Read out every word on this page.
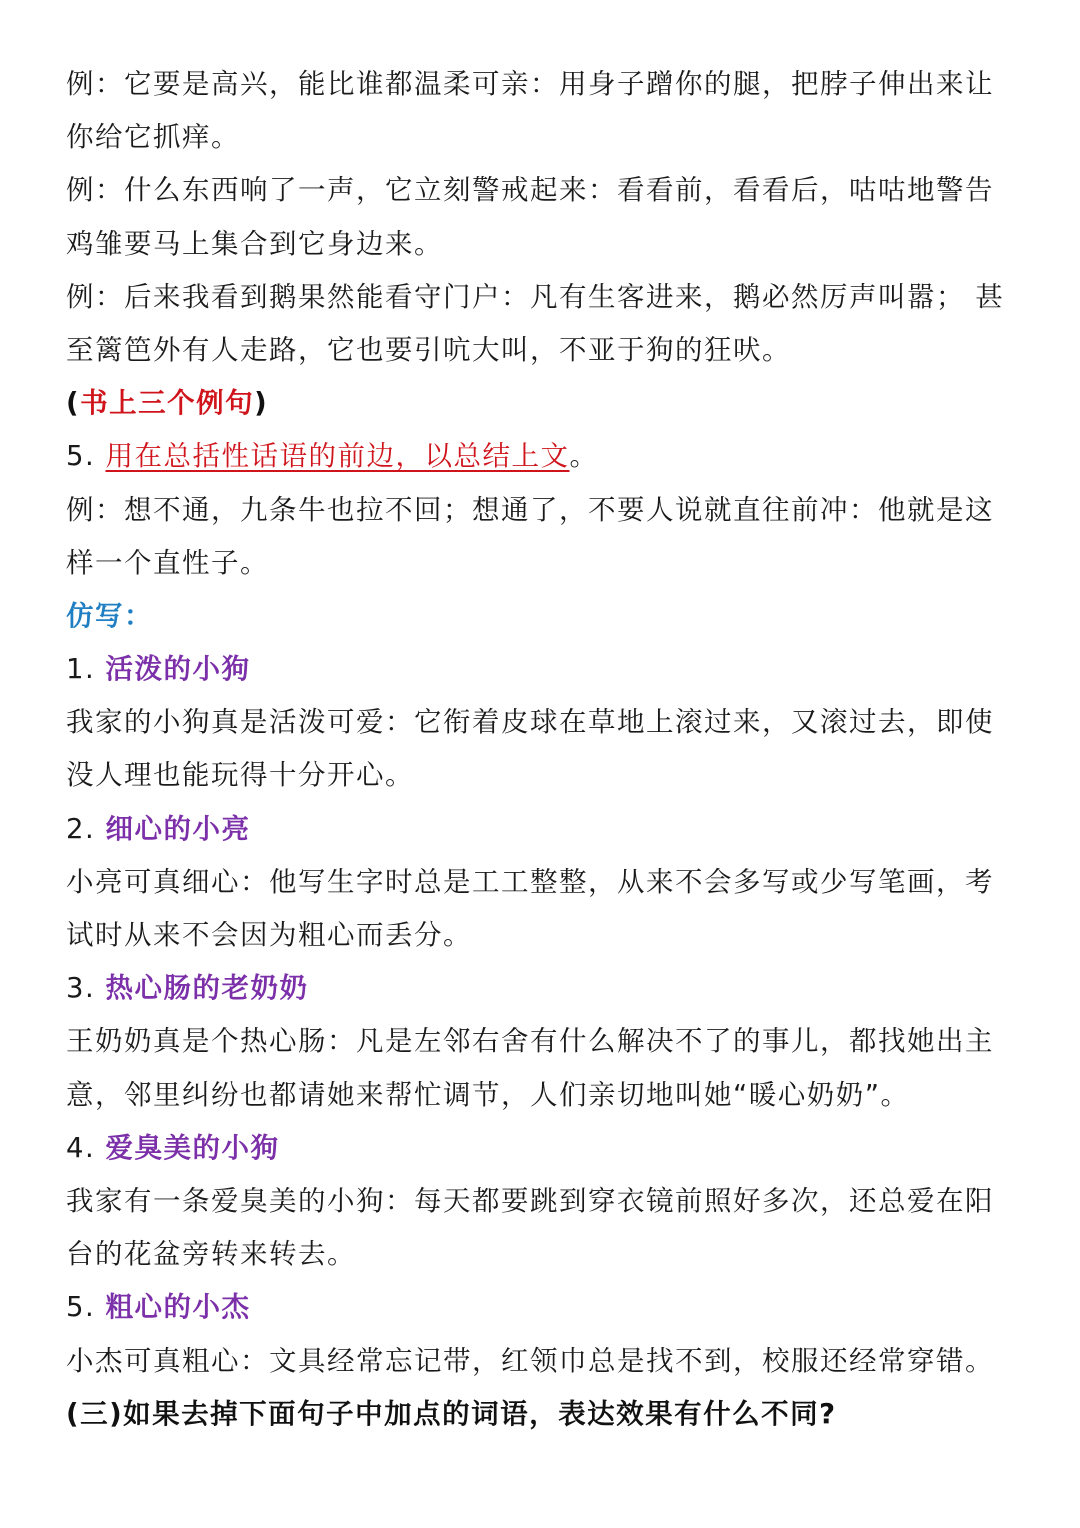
例：它要是高兴，能比谁都温柔可亲：用身子蹭你的腿，把脖子伸出来让
你给它抓痒。
例：什么东西响了一声，它立刻警戒起来：看看前，看看后，咕咕地警告
鸡雏要马上集合到它身边来。
例：后来我看到鹅果然能看守门户：凡有生客进来，鹅必然厉声叫嚣； 甚
至篱笆外有人走路，它也要引吭大叫，不亚于狗的狂吠。
(书上三个例句)
5. 用在总括性话语的前边，以总结上文。
例：想不通，九条牛也拉不回；想通了，不要人说就直往前冲：他就是这
样一个直性子。
仿写：
1. 活泼的小狗
我家的小狗真是活泼可爱：它衔着皮球在草地上滚过来，又滚过去，即使
没人理也能玩得十分开心。
2. 细心的小亮
小亮可真细心：他写生字时总是工工整整，从来不会多写或少写笔画，考
试时从来不会因为粗心而丢分。
3. 热心肠的老奶奶
王奶奶真是个热心肠：凡是左邻右舍有什么解决不了的事儿，都找她出主
意，邻里纠纷也都请她来帮忙调节，人们亲切地叫她“暖心奶奶”。
4. 爱臭美的小狗
我家有一条爱臭美的小狗：每天都要跳到穿衣镜前照好多次，还总爱在阳
台的花盆旁转来转去。
5. 粗心的小杰
小杰可真粗心：文具经常忘记带，红领巾总是找不到，校服还经常穿错。
(三)如果去掉下面句子中加点的词语，表达效果有什么不同?
